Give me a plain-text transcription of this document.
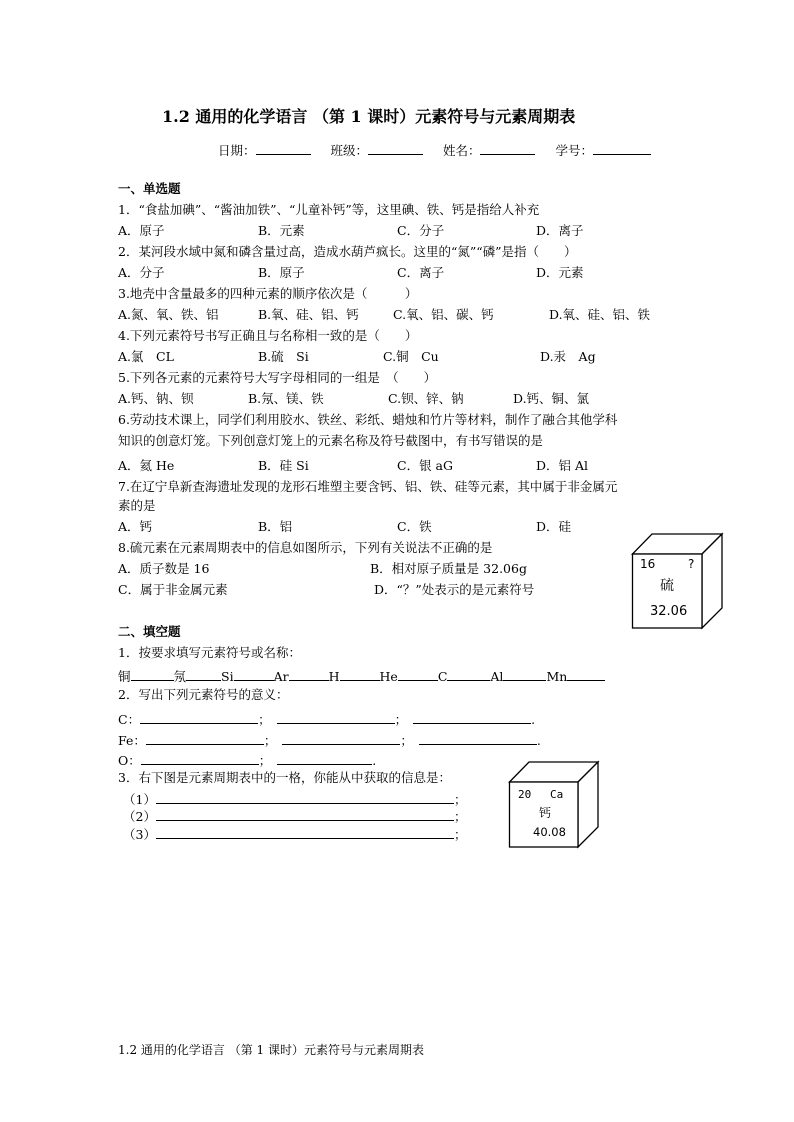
1.2 通用的化学语言 （第 1 课时）元素符号与元素周期表
日期：	班级：	姓名：	学号：
一、单选题
1．“食盐加碘”、“酱油加铁”、“儿童补钙”等，这里碘、铁、钙是指给人补充
A．原子	B．元素	C．分子	D．离子
2．某河段水域中氮和磷含量过高，造成水葫芦疯长。这里的“氮”“磷”是指（　　）
A．分子	B．原子	C．离子	D．元素
3.地壳中含量最多的四种元素的顺序依次是（　　　）
A.氮、氧、铁、铝	B.氧、硅、铝、钙	C.氧、铝、碳、钙	D.氧、硅、铝、铁
4.下列元素符号书写正确且与名称相一致的是（　　）
A.氯　CL	B.硫　Si	C.铜　Cu	D.汞　Ag
5.下列各元素的元素符号大写字母相同的一组是　（　　）
A.钙、钠、钡	B.氖、镁、铁	C.钡、锌、钠	D.钙、铜、氯
6.劳动技术课上，同学们利用胶水、铁丝、彩纸、蜡烛和竹片等材料，制作了融合其他学科
知识的创意灯笼。下列创意灯笼上的元素名称及符号截图中，有书写错误的是
A．氦 He	B．硅 Si	C．银 aG	D．铝 Al
7.在辽宁阜新查海遗址发现的龙形石堆塑主要含钙、铝、铁、硅等元素，其中属于非金属元
素的是
A．钙	B．铝	C．铁	D．硅
8.硫元素在元素周期表中的信息如图所示，下列有关说法不正确的是
A．质子数是 16	B．相对原子质量是 32.06g
C．属于非金属元素	D．“？”处表示的是元素符号
16	?
硫
32.06
二、填空题
1．按要求填写元素符号或名称：
铜	氖	Si	Ar	H	He	C	Al	Mn
2．写出下列元素符号的意义：
C：	；	；	.
Fe：	；	；	.
O：	；	.
3．右下图是元素周期表中的一格，你能从中获取的信息是：
（1）	；
（2）	；
（3）	；
20 Ca
钙
40.08
1.2 通用的化学语言 （第 1 课时）元素符号与元素周期表
